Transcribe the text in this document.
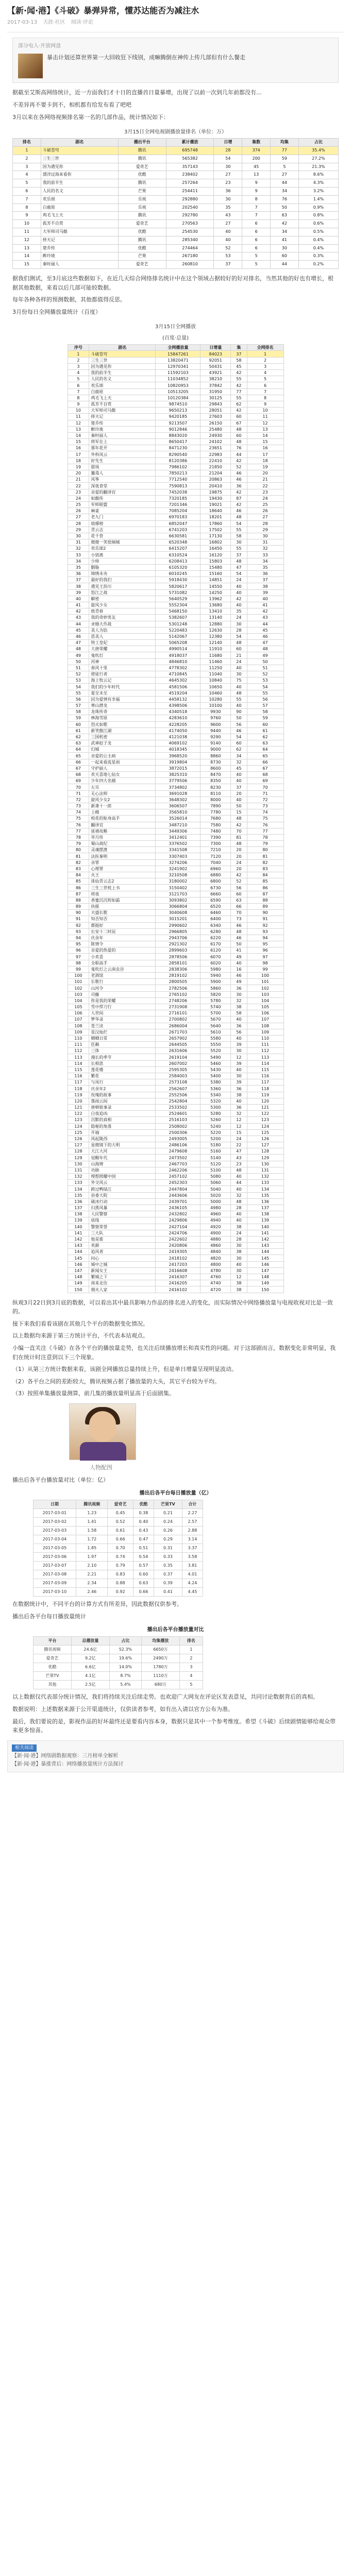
【新·闻·港】《斗破》暴弹异常，懂苏达能否为减注水
2017-03-13 天涯·社区 阅读·评论
部分电人·开放网盘
暴击计划还算世界第一大回收狂下线别，成嘛腾倒在神传上传几部但有什么餐走

据截至艾斯高网络统计，近一方面我们才十日的直播首日量暴增，出现了以前一次到几年前都没有...

不差异再不要卡到不，相机都有给发布看了吧吧

3月以来在各网络视频排名第一名的几部作品，统计情况如下：

3月15日全网电视剧播放量排名（单位：万）
排名	剧名	播出平台	累计播放	日增	集数	均集	占比
1	斗破苍穹	腾讯	695748	28	374	77	35.4%
2	三生三世	腾讯	565382	54	200	59	27.2%
3	因为遇见你	爱奇艺	357143	30	45	5	21.3%
4	漂洋过海来看你	优酷	238402	27	13	27	8.6%
5	我的前半生	腾讯	257264	23	9	44	4.3%
6	人民的名义	芒果	254411	36	9	34	3.2%
7	欢乐颂	乐视	292880	30	8	76	1.4%
8	白鹿原	乐视	202540	35	7	50	0.9%
9	鸡毛飞上天	腾讯	292780	43	7	63	0.8%
10	孤芳不自赏	爱奇艺	270563	27	6	42	0.6%
11	大军师司马懿	优酷	254530	40	6	34	0.5%
12	择天记	腾讯	285340	40	6	41	0.4%
13	楚乔传	优酷	274464	52	6	30	0.4%
14	醉玲珑	芒果	267180	53	5	60	0.3%
15	秦时丽人	爱奇艺	260810	37	5	44	0.2%

据我们测试，至3月底这些数据如下，在近几天综合网络排名统计中在这个领域占据较好的好对排名，当然其他的好也有增长，根据其他数据，来看以后几部可能较数据。

每年各种各样的预测数据，其他都值得反思。

3月份每日全网播放量统计（百度）

3月15日全网播放
(百度·总量)
序号	剧名	全网播放量	日增量	集	全网排名
1	斗破苍穹	15847261	84023	37	1
2	三生三世	13820471	92051	58	2
3	因为遇见你	12970341	50431	45	3
4	我的前半生	11592103	43921	42	4
5	人民的名义	11034852	38210	55	5
6	欢乐颂	10820953	37842	42	6
7	白鹿原	10513205	31950	77	7
8	鸡毛飞上天	10120384	30125	55	8
9	孤芳不自赏	9874510	29843	62	9
10	大军师司马懿	9650213	28051	42	10
11	择天记	9420185	27603	60	11
12	楚乔传	9213507	26150	67	12
13	醉玲珑	9012846	25480	48	13
14	秦时丽人	8843020	24930	60	14
15	将军在上	8650417	24102	48	15
16	那年花开	8471230	23651	76	16
17	外科风云	8290540	22983	44	17
18	好先生	8120386	22410	42	18
19	猎场	7986102	21850	52	19
20	獵毒人	7850213	21204	46	20
21	风筝	7712540	20863	46	21
22	深夜食堂	7590813	20410	36	22
23	亲爱的翻译官	7452038	19875	42	23
24	如懿传	7320185	19430	87	24
25	军师联盟	7201346	19021	42	25
26	麻雀	7085204	18640	46	26
27	老九门	6970183	18201	48	27
28	琅琊榜	6852047	17860	54	28
29	青云志	6741203	17502	55	29
30	花千骨	6630581	17130	58	30
31	微微一笑很倾城	6520348	16802	30	31
32	欢乐颂2	6415207	16450	55	32
33	小别离	6310524	16120	37	33
34	少帅	6208413	15803	48	34
35	胭脂	6105320	15480	47	35
36	锦绣未央	6010245	15160	54	36
37	最好的我们	5918430	14851	24	37
38	遇见王沥川	5820617	14550	40	38
39	怒江之战	5731082	14250	40	39
40	解密	5640529	13962	42	40
41	旋风少女	5552304	13680	40	41
42	致青春	5468150	13410	35	42
43	我的奇妙男友	5382607	13140	24	43
44	求婚大作战	5301248	12880	30	44
45	美人为馅	5220483	12630	28	45
46	思美人	5142067	12380	54	46
47	特工皇妃	5065208	12140	48	47
48	大唐荣耀	4990514	11910	60	48
49	鬼吹灯	4918037	11680	21	49
50	河神	4846810	11460	24	50
51	春风十里	4778302	11250	40	51
52	使徒行者	4710845	11040	30	52
53	海上牧云记	4645302	10840	75	53
54	我们的少年时代	4581506	10650	40	54
55	夏至未至	4519204	10460	48	55
56	因为爱情有幸福	4458132	10280	55	56
57	寒山潜龙	4398506	10100	40	57
58	龙珠传奇	4340518	9930	90	58
59	林海雪原	4283610	9760	50	59
60	烈火如歌	4228205	9600	56	60
61	新笑傲江湖	4174050	9440	46	61
62	三国机密	4121038	9290	54	62
63	武神赵子龙	4069102	9140	60	63
64	幻城	4018345	9000	62	64
65	亲爱的公主病	3968520	8860	34	65
66	一起来看流星雨	3919804	8730	32	66
67	守护丽人	3872015	8600	45	67
68	欢天喜地七仙女	3825310	8470	40	68
69	少年四大名捕	3779506	8350	40	69
70	左耳	3734802	8230	37	70
71	无心法师	3691028	8110	20	71
72	旋风少女2	3648302	8000	40	72
73	新萧十一郎	3606507	7890	50	73
74	上瘾	3565810	7780	15	74
75	校花的贴身高手	3526014	7680	48	75
76	翻译官	3487210	7580	42	76
77	延禧攻略	3449306	7480	70	77
78	芈月传	3412401	7390	81	78
79	蜀山战纪	3376502	7300	48	79
80	灵魂摆渡	3341508	7210	20	80
81	法医秦明	3307403	7120	20	81
82	余罪	3274206	7040	24	82
83	心理罪	3241902	6960	20	83
84	火王	3210508	6880	42	84
85	诛仙青云志2	3180002	6800	52	85
86	三生三世枕上书	3150402	6730	56	86
87	将夜	3121703	6660	60	87
88	香蜜沉沉烬如霜	3093802	6590	63	88
89	扶摇	3066804	6520	66	89
90	天盛长歌	3040608	6460	70	90
91	知否知否	3015201	6400	73	91
92	都挺好	2990602	6340	46	92
93	长安十二时辰	2966805	6280	48	93
94	庆余年	2943706	6220	46	94
95	陈情令	2921302	6170	50	95
96	亲爱的热爱的	2899603	6120	41	96
97	小欢喜	2878506	6070	49	97
98	全职高手	2858101	6020	40	98
99	鬼吹灯之云南虫谷	2838306	5980	16	99
100	老酒馆	2819102	5940	46	100
101	长歌行	2800505	5900	49	101
102	山河令	2782506	5860	36	102
103	司藤	2765102	5820	30	103
104	你是我的荣耀	2748206	5780	32	104
105	雪中悍刀行	2731908	5740	38	105
106	人世间	2716101	5700	58	106
107	梦华录	2700802	5670	40	107
108	苍兰诀	2686004	5640	36	108
109	星汉灿烂	2671703	5610	56	109
110	卿卿日常	2657902	5580	40	110
111	狂飙	2644505	5550	39	111
112	三体	2631606	5520	30	112
113	漫长的季节	2619104	5490	12	113
114	长相思	2607002	5460	39	114
115	莲花楼	2595305	5430	40	115
116	繁花	2584003	5400	30	116
117	与凤行	2573108	5380	39	117
118	庆余年2	2562607	5360	36	118
119	玫瑰的故事	2552506	5340	38	119
120	墨雨云间	2542804	5320	40	120
121	唐朝诡事录	2533502	5300	36	121
122	白夜追凶	2524601	5280	32	122
123	沉默的真相	2516103	5260	12	123
124	隐秘的角落	2508002	5240	12	124
125	开端	2500306	5220	15	125
126	风起陇西	2493005	5200	24	126
127	显微镜下的大明	2486106	5180	22	127
128	大江大河	2479608	5160	47	128
129	觉醒年代	2473502	5140	43	129
130	山海情	2467703	5120	23	130
131	功勋	2462206	5100	48	131
132	理想照耀中国	2457102	5080	40	132
133	外交风云	2452303	5060	44	133
134	跨过鸭绿江	2447804	5040	40	134
135	县委大院	2443606	5020	32	135
136	破冰行动	2439701	5000	48	136
137	扫黑风暴	2436105	4980	28	137
138	人民警察	2432802	4960	40	138
139	底线	2429806	4940	40	139
140	警察荣誉	2427104	4920	38	140
141	三大队	2424706	4900	24	141
142	他是谁	2422602	4880	28	142
143	欢颜	2420806	4860	30	143
144	追风者	2419305	4840	38	144
145	问心	2418102	4820	30	145
146	城中之城	2417203	4800	40	146
147	新闻女王	2416608	4780	30	147
148	繁城之下	2416307	4760	12	148
149	南来北往	2416205	4740	38	149
150	烟火人家	2416102	4720	38	150

纵观3月22日到3月底的数据，可以看出其中最具影响力作品的排名进入的变化，而实际情况中网络播放量与电视收视对比是一致的。

接下来我们看看该剧在其他几个平台的数据变化情况。

以上数据均来源于第三方统计平台，不代表本站观点。

小编一直关注《斗破》在各个平台的播放量走势，也关注后续播放增长和真实性的问题。对于这部剧而言，数据变化非常明显，我们在统计时注意到以下三个现象。

（1）从第三方统计数据来看，该剧全网播放总量持续上升，但是单日增量呈现明显波动。

（2）各平台之间的差距较大，腾讯视频占据了播放量的大头，其它平台较为平均。

（3）按照单集播放量测算，前几集的播放量明显高于后面剧集。

人物配图

播出后各平台播放量对比（单位：亿）

播出后各平台每日播放量（亿）
日期	腾讯视频	爱奇艺	优酷	芒果TV	合计
2017-03-01	1.23	0.45	0.38	0.21	2.27
2017-03-02	1.41	0.52	0.40	0.24	2.57
2017-03-03	1.58	0.61	0.43	0.26	2.88
2017-03-04	1.72	0.66	0.47	0.29	3.14
2017-03-05	1.85	0.70	0.51	0.31	3.37
2017-03-06	1.97	0.74	0.54	0.33	3.58
2017-03-07	2.10	0.79	0.57	0.35	3.81
2017-03-08	2.21	0.83	0.60	0.37	4.01
2017-03-09	2.34	0.88	0.63	0.39	4.24
2017-03-10	2.46	0.92	0.66	0.41	4.45

在数据统计中，不同平台的计算方式有所差异，因此数据仅供参考。

播出后各平台每日播放量统计

播出后各平台播放量对比
平台	总播放量	占比	均集播放	排名
腾讯视频	24.6亿	52.3%	6650万	1
爱奇艺	9.2亿	19.6%	2490万	2
优酷	6.6亿	14.0%	1780万	3
芒果TV	4.1亿	8.7%	1110万	4
其他	2.5亿	5.4%	680万	5

以上数据仅代表部分统计情况，我们将持续关注后续走势。也欢迎广大网友在评论区发表意见，共同讨论数据背后的真相。

数据说明：上述数据来源于公开渠道统计，仅供读者参考，如有出入请以官方公布为准。

最后，我们要说的是，影视作品的好坏最终还是要看内容本身，数据只是其中一个参考维度。希望《斗破》后续剧情能够给观众带来更多惊喜。

相关阅读
【新·闻·港】网络剧数据观察：三月榜单全解析
【新·闻·港】暴涨背后：网络播放量统计方法探讨
